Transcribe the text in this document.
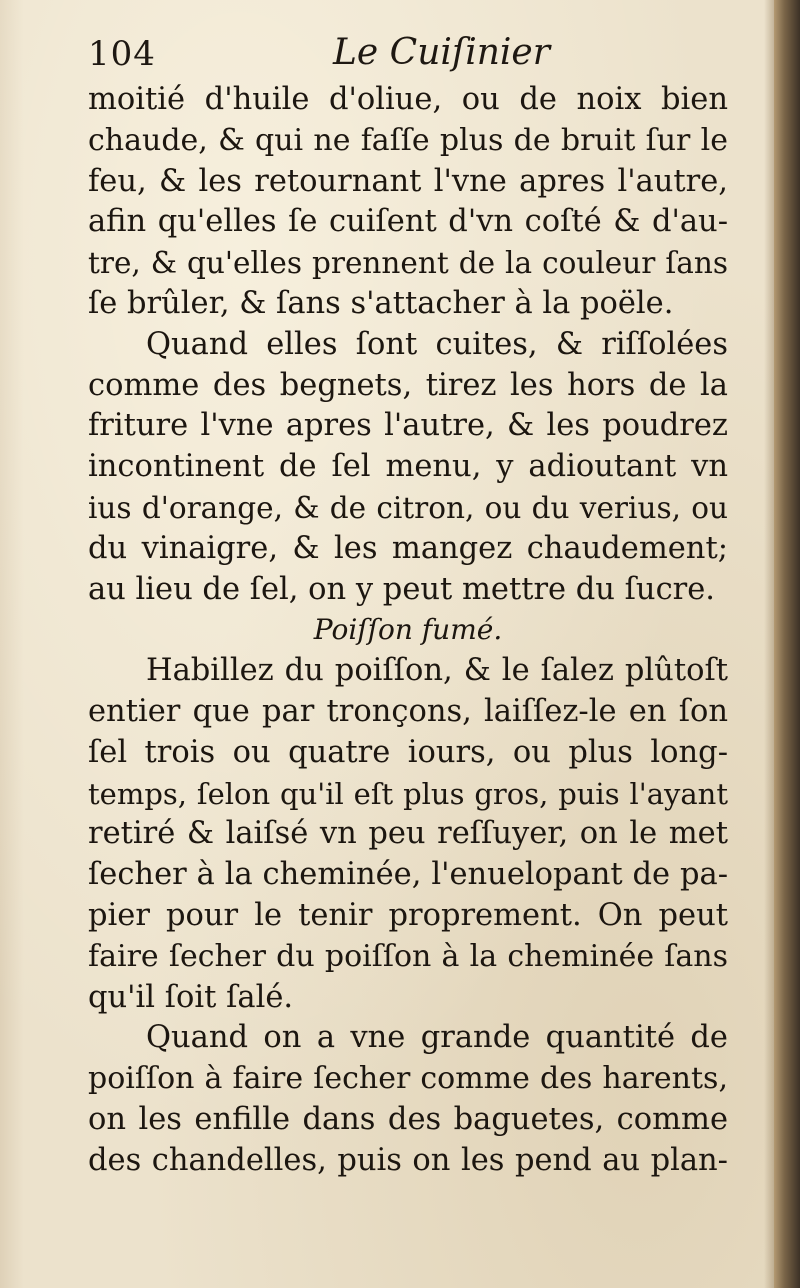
104	Le Cuiſinier
moitié d'huile d'oliue, ou de noix bien
chaude, & qui ne faſſe plus de bruit ſur le
feu, & les retournant l'vne apres l'autre,
afin qu'elles ſe cuiſent d'vn coſté & d'au-
tre, & qu'elles prennent de la couleur ſans
ſe brûler, & ſans s'attacher à la poële.
Quand elles ſont cuites, & riſſolées
comme des begnets, tirez les hors de la
friture l'vne apres l'autre, & les poudrez
incontinent de ſel menu, y adioutant vn
ius d'orange, & de citron, ou du verius, ou
du vinaigre, & les mangez chaudement;
au lieu de ſel, on y peut mettre du ſucre.
Poiſſon fumé.
Habillez du poiſſon, & le ſalez plûtoſt
entier que par tronçons, laiſſez-le en ſon
ſel trois ou quatre iours, ou plus long-
temps, ſelon qu'il eſt plus gros, puis l'ayant
retiré & laiſsé vn peu reſſuyer, on le met
ſecher à la cheminée, l'enuelopant de pa-
pier pour le tenir proprement. On peut
faire ſecher du poiſſon à la cheminée ſans
qu'il ſoit ſalé.
Quand on a vne grande quantité de
poiſſon à faire ſecher comme des harents,
on les enfille dans des baguetes, comme
des chandelles, puis on les pend au plan-
